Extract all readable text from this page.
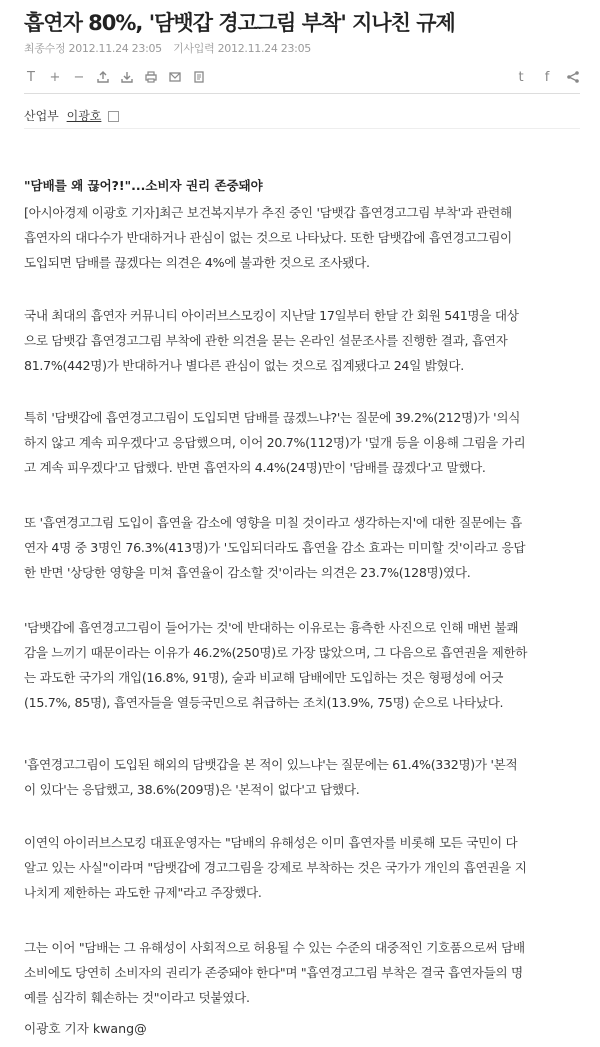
흡연자 80%, '담뱃갑 경고그림 부착' 지나친 규제
최종수정 2012.11.24 23:05 기사입력 2012.11.24 23:05
T + −	t	f
산업부 이광호
"담배를 왜 끊어?!"...소비자 권리 존중돼야
[아시아경제 이광호 기자]최근 보건복지부가 추진 중인 '담뱃갑 흡연경고그림 부착'과 관련해
흡연자의 대다수가 반대하거나 관심이 없는 것으로 나타났다. 또한 담뱃갑에 흡연경고그림이
도입되면 담배를 끊겠다는 의견은 4%에 불과한 것으로 조사됐다.
국내 최대의 흡연자 커뮤니티 아이러브스모킹이 지난달 17일부터 한달 간 회원 541명을 대상
으로 담뱃갑 흡연경고그림 부착에 관한 의견을 묻는 온라인 설문조사를 진행한 결과, 흡연자
81.7%(442명)가 반대하거나 별다른 관심이 없는 것으로 집계됐다고 24일 밝혔다.
특히 '담뱃갑에 흡연경고그림이 도입되면 담배를 끊겠느냐?'는 질문에 39.2%(212명)가 '의식
하지 않고 계속 피우겠다'고 응답했으며, 이어 20.7%(112명)가 '덮개 등을 이용해 그림을 가리
고 계속 피우겠다'고 답했다. 반면 흡연자의 4.4%(24명)만이 '담배를 끊겠다'고 말했다.
또 '흡연경고그림 도입이 흡연율 감소에 영향을 미칠 것이라고 생각하는지'에 대한 질문에는 흡
연자 4명 중 3명인 76.3%(413명)가 '도입되더라도 흡연율 감소 효과는 미미할 것'이라고 응답
한 반면 '상당한 영향을 미쳐 흡연율이 감소할 것'이라는 의견은 23.7%(128명)였다.
'담뱃갑에 흡연경고그림이 들어가는 것'에 반대하는 이유로는 흉측한 사진으로 인해 매번 불쾌
감을 느끼기 때문이라는 이유가 46.2%(250명)로 가장 많았으며, 그 다음으로 흡연권을 제한하
는 과도한 국가의 개입(16.8%, 91명), 술과 비교해 담배에만 도입하는 것은 형평성에 어긋
(15.7%, 85명), 흡연자들을 열등국민으로 취급하는 조치(13.9%, 75명) 순으로 나타났다.
'흡연경고그림이 도입된 해외의 담뱃갑을 본 적이 있느냐'는 질문에는 61.4%(332명)가 '본적
이 있다'는 응답했고, 38.6%(209명)은 '본적이 없다'고 답했다.
이연익 아이러브스모킹 대표운영자는 "담배의 유해성은 이미 흡연자를 비롯해 모든 국민이 다
알고 있는 사실"이라며 "담뱃갑에 경고그림을 강제로 부착하는 것은 국가가 개인의 흡연권을 지
나치게 제한하는 과도한 규제"라고 주장했다.
그는 이어 "담배는 그 유해성이 사회적으로 허용될 수 있는 수준의 대중적인 기호품으로써 담배
소비에도 당연히 소비자의 권리가 존중돼야 한다"며 "흡연경고그림 부착은 결국 흡연자들의 명
예를 심각히 훼손하는 것"이라고 덧붙였다.
이광호 기자 kwang@
